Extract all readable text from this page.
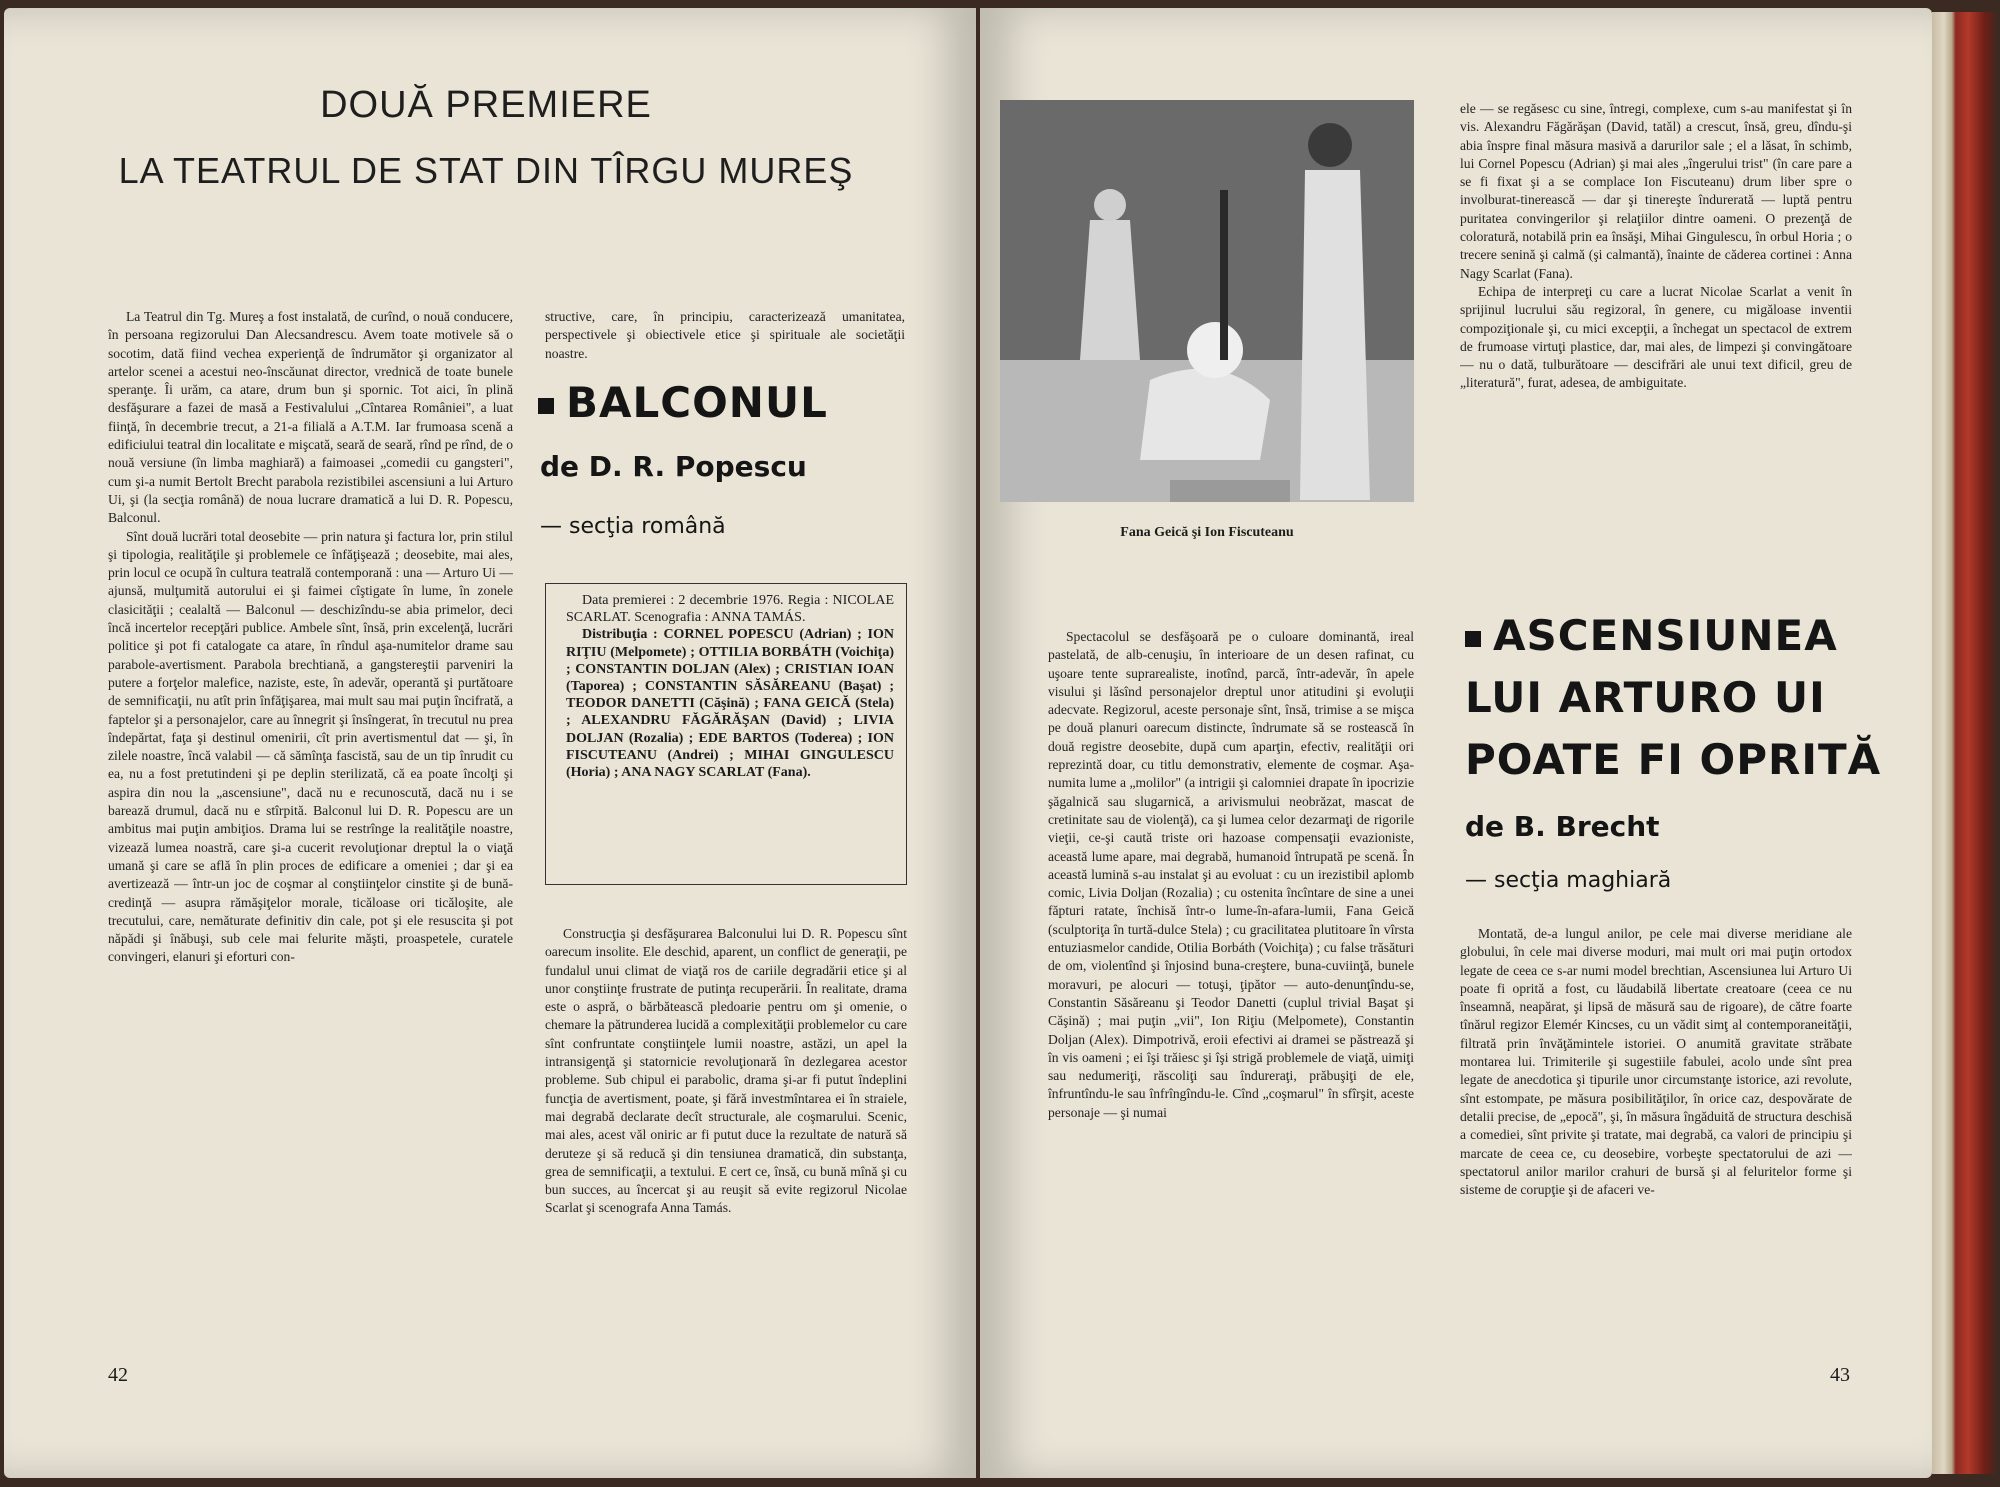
DOUĂ PREMIERE
LA TEATRUL DE STAT DIN TÎRGU MUREŞ

La Teatrul din Tg. Mureş a fost instalată, de curînd, o nouă conducere, în persoana regizorului Dan Alecsandrescu. Avem toate motivele să o socotim, dată fiind vechea experienţă de îndrumător şi organizator al artelor scenei a acestui neo-înscăunat director, vrednică de toate bunele speranţe. Îi urăm, ca atare, drum bun şi spornic. Tot aici, în plină desfăşurare a fazei de masă a Festivalului „Cîntarea României", a luat fiinţă, în decembrie trecut, a 21-a filială a A.T.M. Iar frumoasa scenă a edificiului teatral din localitate e mişcată, seară de seară, rînd pe rînd, de o nouă versiune (în limba maghiară) a faimoasei „comedii cu gangsteri", cum şi-a numit Bertolt Brecht parabola rezistibilei ascensiuni a lui Arturo Ui, şi (la secţia română) de noua lucrare dramatică a lui D. R. Popescu, Balconul.

Sînt două lucrări total deosebite — prin natura şi factura lor, prin stilul şi tipologia, realităţile şi problemele ce înfăţişează ; deosebite, mai ales, prin locul ce ocupă în cultura teatrală contemporană : una — Arturo Ui — ajunsă, mulţumită autorului ei şi faimei cîştigate în lume, în zonele clasicităţii ; cealaltă — Balconul — deschizîndu-se abia primelor, deci încă incertelor recepţări publice. Ambele sînt, însă, prin excelenţă, lucrări politice şi pot fi catalogate ca atare, în rîndul aşa-numitelor drame sau parabole-avertisment. Parabola brechtiană, a gangstereştii parveniri la putere a forţelor malefice, naziste, este, în adevăr, operantă şi purtătoare de semnificaţii, nu atît prin înfăţişarea, mai mult sau mai puţin încifrată, a faptelor şi a personajelor, care au înnegrit şi însîngerat, în trecutul nu prea îndepărtat, faţa şi destinul omenirii, cît prin avertismentul dat — şi, în zilele noastre, încă valabil — că sămînţa fascistă, sau de un tip înrudit cu ea, nu a fost pretutindeni şi pe deplin sterilizată, că ea poate încolţi şi aspira din nou la „ascensiune", dacă nu e recunoscută, dacă nu i se barează drumul, dacă nu e stîrpită. Balconul lui D. R. Popescu are un ambitus mai puţin ambiţios. Drama lui se restrînge la realităţile noastre, vizează lumea noastră, care şi-a cucerit revoluţionar dreptul la o viaţă umană şi care se află în plin proces de edificare a omeniei ; dar şi ea avertizează — într-un joc de coşmar al conştiinţelor cinstite şi de bună-credinţă — asupra rămăşiţelor morale, ticăloase ori ticăloşite, ale trecutului, care, nemăturate definitiv din cale, pot şi ele resuscita şi pot năpădi şi înăbuşi, sub cele mai felurite măşti, proaspetele, curatele convingeri, elanuri şi eforturi con-

structive, care, în principiu, caracterizează umanitatea, perspectivele şi obiectivele etice şi spirituale ale societăţii noastre.
BALCONUL
de D. R. Popescu
— secţia română

Data premierei : 2 decembrie 1976. Regia : NICOLAE SCARLAT. Scenografia : ANNA TAMÁS.

Distribuţia : CORNEL POPESCU (Adrian) ; ION RIŢIU (Melpomete) ; OTTILIA BORBÁTH (Voichiţa) ; CONSTANTIN DOLJAN (Alex) ; CRISTIAN IOAN (Taporea) ; CONSTANTIN SĂSĂREANU (Başat) ; TEODOR DANETTI (Căşină) ; FANA GEICĂ (Stela) ; ALEXANDRU FĂGĂRĂŞAN (David) ; LIVIA DOLJAN (Rozalia) ; EDE BARTOS (Toderea) ; ION FISCUTEANU (Andrei) ; MIHAI GINGULESCU (Horia) ; ANA NAGY SCARLAT (Fana).

Construcţia şi desfăşurarea Balconului lui D. R. Popescu sînt oarecum insolite. Ele deschid, aparent, un conflict de generaţii, pe fundalul unui climat de viaţă ros de cariile degradării etice şi al unor conştiinţe frustrate de putinţa recuperării. În realitate, drama este o aspră, o bărbătească pledoarie pentru om şi omenie, o chemare la pătrunderea lucidă a complexităţii problemelor cu care sînt confruntate conştiinţele lumii noastre, astăzi, un apel la intransigenţă şi statornicie revoluţionară în dezlegarea acestor probleme. Sub chipul ei parabolic, drama şi-ar fi putut îndeplini funcţia de avertisment, poate, şi fără investmîntarea ei în straiele, mai degrabă declarate decît structurale, ale coşmarului. Scenic, mai ales, acest văl oniric ar fi putut duce la rezultate de natură să deruteze şi să reducă şi din tensiunea dramatică, din substanţa, grea de semnificaţii, a textului. E cert ce, însă, cu bună mînă şi cu bun succes, au încercat şi au reuşit să evite regizorul Nicolae Scarlat şi scenografa Anna Tamás.
42
Fana Geică şi Ion Fiscuteanu
Spectacolul se desfăşoară pe o culoare dominantă, ireal pastelată, de alb-cenuşiu, în interioare de un desen rafinat, cu uşoare tente suprarealiste, inotînd, parcă, într-adevăr, în apele visului şi lăsînd personajelor dreptul unor atitudini şi evoluţii adecvate. Regizorul, aceste personaje sînt, însă, trimise a se mişca pe două planuri oarecum distincte, îndrumate să se rostească în două registre deosebite, după cum aparţin, efectiv, realităţii ori reprezintă doar, cu titlu demonstrativ, elemente de coşmar. Aşa-numita lume a „molilor" (a intrigii şi calomniei drapate în ipocrizie şăgalnică sau slugarnică, a arivismului neobrăzat, mascat de cretinitate sau de violenţă), ca şi lumea celor dezarmaţi de rigorile vieţii, ce-şi caută triste ori hazoase compensaţii evazioniste, această lume apare, mai degrabă, humanoid întrupată pe scenă. În această lumină s-au instalat şi au evoluat : cu un irezistibil aplomb comic, Livia Doljan (Rozalia) ; cu ostenita încîntare de sine a unei făpturi ratate, închisă într-o lume-în-afara-lumii, Fana Geică (sculptoriţa în turtă-dulce Stela) ; cu gracilitatea plutitoare în vîrsta entuziasmelor candide, Otilia Borbáth (Voichiţa) ; cu false trăsături de om, violentînd şi înjosind buna-creştere, buna-cuviinţă, bunele moravuri, pe alocuri — totuşi, ţipător — auto-denunţîndu-se, Constantin Săsăreanu şi Teodor Danetti (cuplul trivial Başat şi Căşină) ; mai puţin „vii", Ion Riţiu (Melpomete), Constantin Doljan (Alex). Dimpotrivă, eroii efectivi ai dramei se păstrează şi în vis oameni ; ei îşi trăiesc şi îşi strigă problemele de viaţă, uimiţi sau nedumeriţi, răscoliţi sau îndureraţi, prăbuşiţi de ele, înfruntîndu-le sau înfrîngîndu-le. Cînd „coşmarul" în sfîrşit, aceste personaje — şi numai

ele — se regăsesc cu sine, întregi, complexe, cum s-au manifestat şi în vis. Alexandru Făgărăşan (David, tatăl) a crescut, însă, greu, dîndu-şi abia înspre final măsura masivă a darurilor sale ; el a lăsat, în schimb, lui Cornel Popescu (Adrian) şi mai ales „îngerului trist" (în care pare a se fi fixat şi a se complace Ion Fiscuteanu) drum liber spre o involburat-tinerească — dar şi tinereşte îndurerată — luptă pentru puritatea convingerilor şi relaţiilor dintre oameni. O prezenţă de coloratură, notabilă prin ea însăşi, Mihai Gingulescu, în orbul Horia ; o trecere senină şi calmă (şi calmantă), înainte de căderea cortinei : Anna Nagy Scarlat (Fana).

Echipa de interpreţi cu care a lucrat Nicolae Scarlat a venit în sprijinul lucrului său regizoral, în genere, cu migăloase inventii compoziţionale şi, cu mici excepţii, a închegat un spectacol de extrem de frumoase virtuţi plastice, dar, mai ales, de limpezi şi convingătoare — nu o dată, tulburătoare — descifrări ale unui text dificil, greu de „literatură", furat, adesea, de ambiguitate.

ASCENSIUNEA
LUI ARTURO UI
POATE FI OPRITĂ
de B. Brecht
— secţia maghiară
Montată, de-a lungul anilor, pe cele mai diverse meridiane ale globului, în cele mai diverse moduri, mai mult ori mai puţin ortodox legate de ceea ce s-ar numi model brechtian, Ascensiunea lui Arturo Ui poate fi oprită a fost, cu lăudabilă libertate creatoare (ceea ce nu înseamnă, neapărat, şi lipsă de măsură sau de rigoare), de către foarte tînărul regizor Elemér Kincses, cu un vădit simţ al contemporaneităţii, filtrată prin învăţămintele istoriei. O anumită gravitate străbate montarea lui. Trimiterile şi sugestiile fabulei, acolo unde sînt prea legate de anecdotica şi tipurile unor circumstanţe istorice, azi revolute, sînt estompate, pe măsura posibilităţilor, în orice caz, despovărate de detalii precise, de „epocă", şi, în măsura îngăduită de structura deschisă a comediei, sînt privite şi tratate, mai degrabă, ca valori de principiu şi marcate de ceea ce, cu deosebire, vorbeşte spectatorului de azi — spectatorul anilor marilor crahuri de bursă şi al feluritelor forme şi sisteme de corupţie şi de afaceri ve-
43
